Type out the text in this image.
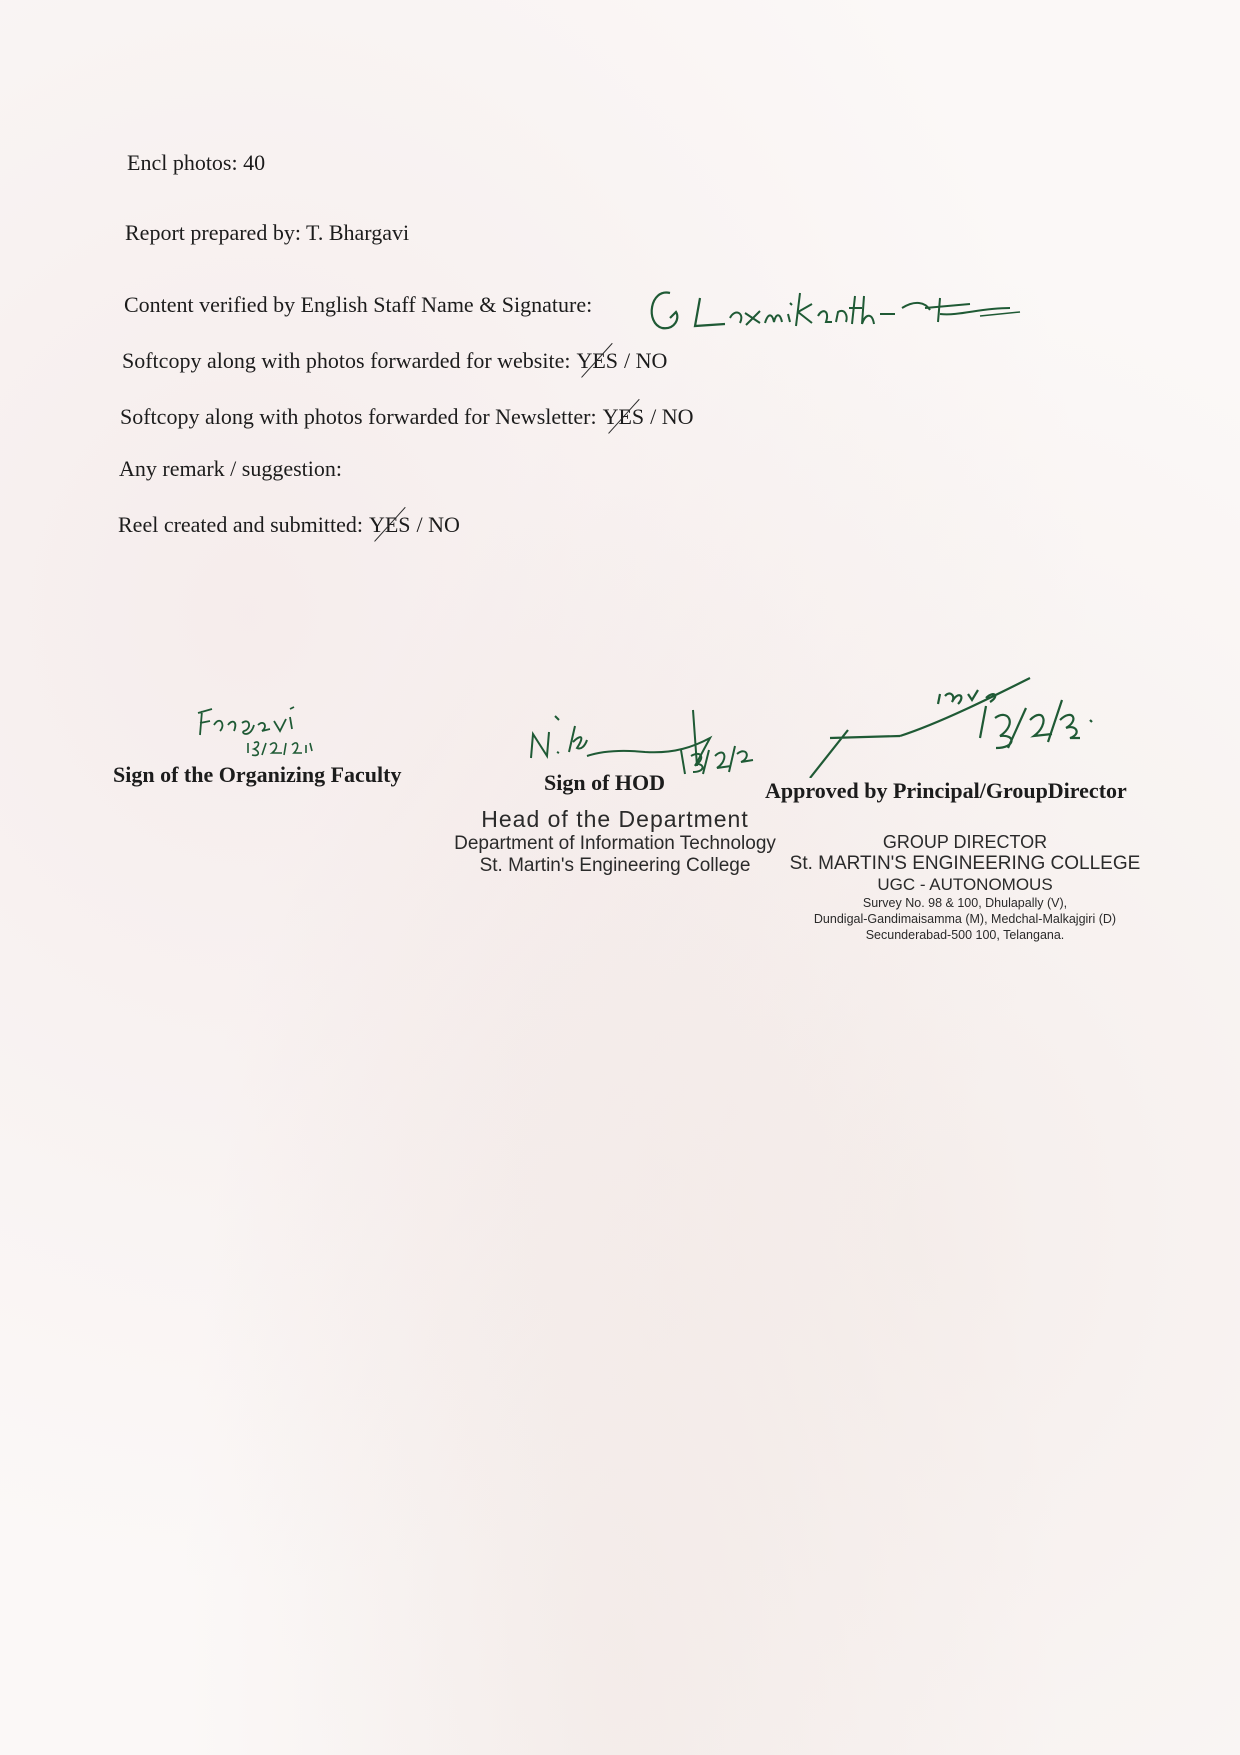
Encl photos: 40
Report prepared by: T. Bhargavi
Content verified by English Staff Name & Signature:
Softcopy along with photos forwarded for website: YES / NO
Softcopy along with photos forwarded for Newsletter: YES / NO
Any remark / suggestion:
Reel created and submitted: YES / NO
Sign of the Organizing Faculty	Sign of HOD	Approved by Principal/GroupDirector
Head of the Department
Department of Information Technology
St. Martin's Engineering College
GROUP DIRECTOR
St. MARTIN'S ENGINEERING COLLEGE
UGC - AUTONOMOUS
Survey No. 98 & 100, Dhulapally (V),
Dundigal-Gandimaisamma (M), Medchal-Malkajgiri (D)
Secunderabad-500 100, Telangana.
